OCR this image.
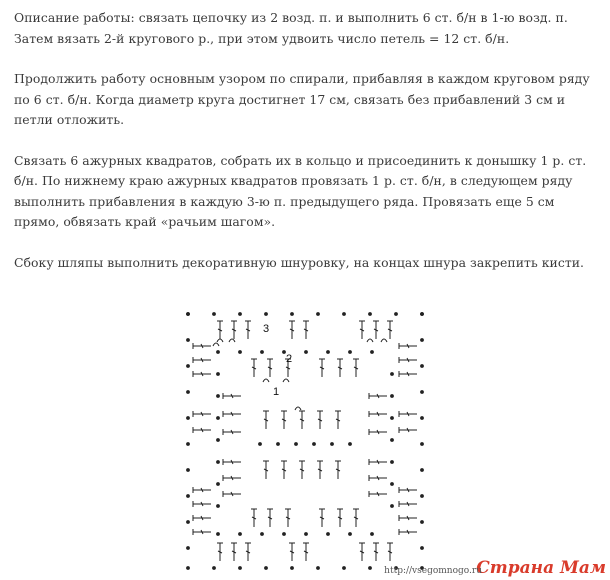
Описание работы: связать цепочку из 2 возд. п. и выполнить 6 ст. б/н в 1-ю возд. п.
Затем вязать 2-й кругового р., при этом удвоить число петель = 12 ст. б/н.

Продолжить работу основным узором по спирали, прибавляя в каждом круговом ряду
по 6 ст. б/н. Когда диаметр круга достигнет 17 см, связать без прибавлений 3 см и
петли отложить.

Связать 6 ажурных квадратов, собрать их в кольцо и присоединить к донышку 1 р. ст.
б/н. По нижнему краю ажурных квадратов провязать 1 р. ст. б/н, в следующем ряду
выполнить прибавления в каждую 3-ю п. предыдущего ряда. Провязать еще 5 см
прямо, обвязать край «рачьим шагом».

Сбоку шляпы выполнить декоративную шнуровку, на концах шнура закрепить кисти.

1
2
3
Страна Мам
http://vsegomnogo.ru
